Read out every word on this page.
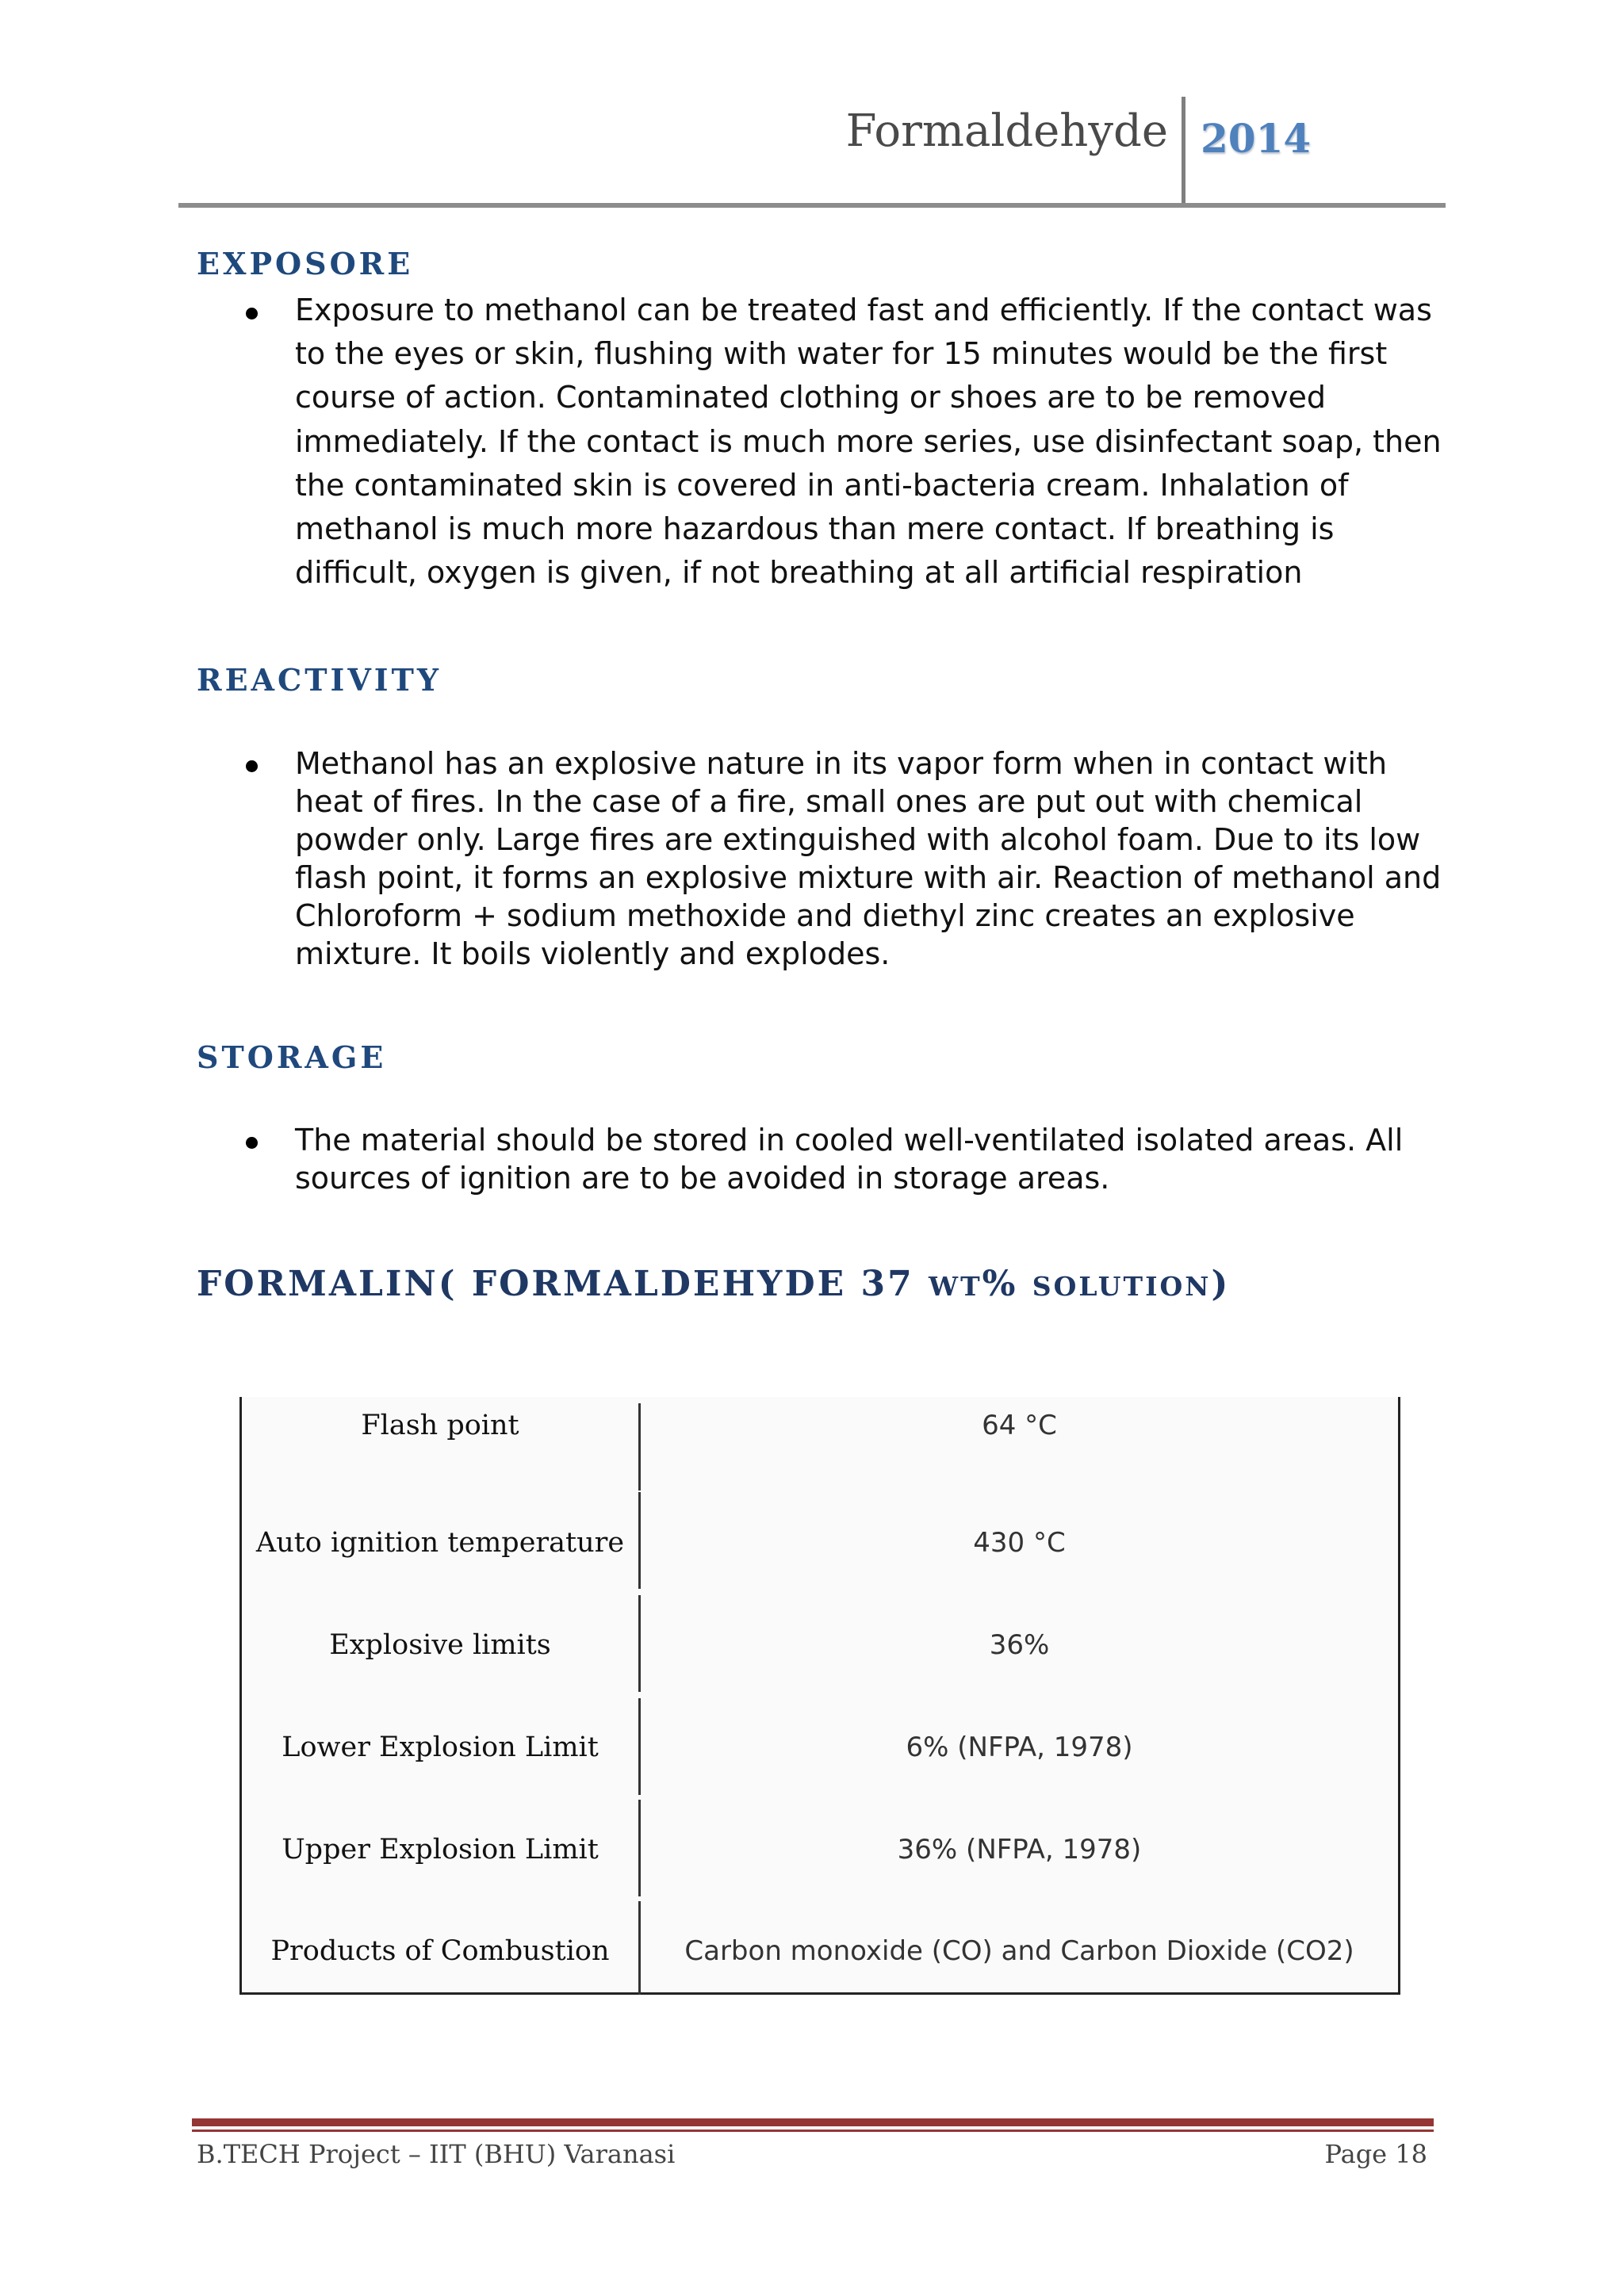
Formaldehyde 2014
EXPOSORE

Exposure to methanol can be treated fast and efficiently. If the contact was to the eyes or skin, flushing with water for 15 minutes would be the first course of action. Contaminated clothing or shoes are to be removed immediately. If the contact is much more series, use disinfectant soap, then the contaminated skin is covered in anti-bacteria cream. Inhalation of methanol is much more hazardous than mere contact. If breathing is difficult, oxygen is given, if not breathing at all artificial respiration

REACTIVITY

Methanol has an explosive nature in its vapor form when in contact with heat of fires. In the case of a fire, small ones are put out with chemical powder only. Large fires are extinguished with alcohol foam. Due to its low flash point, it forms an explosive mixture with air. Reaction of methanol and Chloroform + sodium methoxide and diethyl zinc creates an explosive mixture. It boils violently and explodes.

STORAGE

The material should be stored in cooled well-ventilated isolated areas. All sources of ignition are to be avoided in storage areas.

FORMALIN( FORMALDEHYDE 37 WT% SOLUTION)
Flash point	64 °C
Auto ignition temperature	430 °C
Explosive limits	36%
Lower Explosion Limit	6% (NFPA, 1978)
Upper Explosion Limit	36% (NFPA, 1978)
Products of Combustion	Carbon monoxide (CO) and Carbon Dioxide (CO2)
B.TECH Project – IIT (BHU) Varanasi	Page 18
